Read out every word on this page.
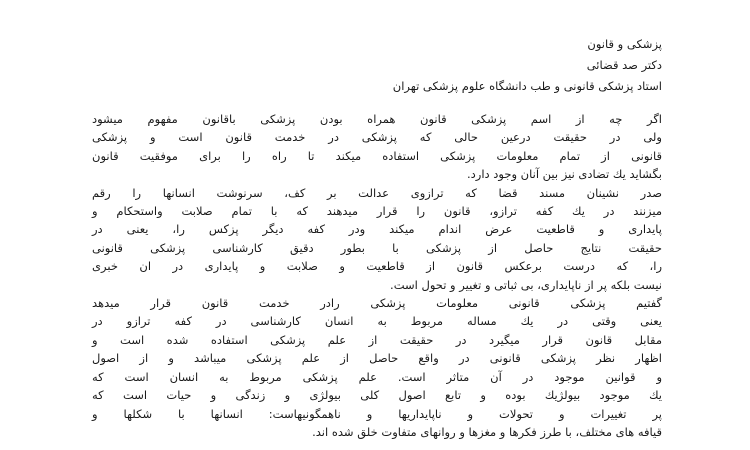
پزشکی و قانون

دکتر صد قضائی

استاد پزشکی قانونی و طب دانشگاه علوم پزشکی تهران

اگر چه از اسم پزشکی قانون همراه بودن پزشکی باقانون مفهوم میشود

ولی در حقیقت درعین حالی که پزشکی در خدمت قانون است و پزشکی

قانونی از تمام معلومات پزشکی استفاده میکند تا راه را برای موفقیت قانون

بگشاید یك تضادی نیز بین آنان وجود دارد.

صدر نشینان مسند قضا که ترازوی عدالت بر کف، سرنوشت انسانها را رقم

میزنند در یك کفه ترازو، قانون را قرار میدهند که با تمام صلابت واستحکام و

پایداری و قاطعیت عرض اندام میکند ودر کفه دیگر پزکس را، یعنی در

حقیقت نتایج حاصل از پزشکی با بطور دقیق کارشناسی پزشکی قانونی

را، که درست برعکس قانون از قاطعیت و صلابت و پایداری در ان خبری

نیست بلکه پر از ناپایداری، بی ثباتی و تغییر و تحول است.

گفتیم پزشکی قانونی معلومات پزشکی رادر خدمت قانون قرار میدهد

یعنی وقتی در یك مساله مربوط به انسان کارشناسی در کفه ترازو در

مقابل قانون قرار میگیرد در حقیقت از علم پزشکی استفاده شده است و

اظهار نظر پزشکی قانونی در واقع حاصل از علم پزشکی میباشد و از اصول

و قوانین موجود در آن متاثر است. علم پزشکی مربوط به انسان است که

یك موجود بیولژیك بوده و تابع اصول کلی بیولژی و زندگی و حیات است که

پر تغییرات و تحولات و ناپایداریها و ناهمگونیهاست: انسانها با شکلها و

قیافه های مختلف، با طرز فکرها و مغزها و روانهای متفاوت خلق شده اند.
